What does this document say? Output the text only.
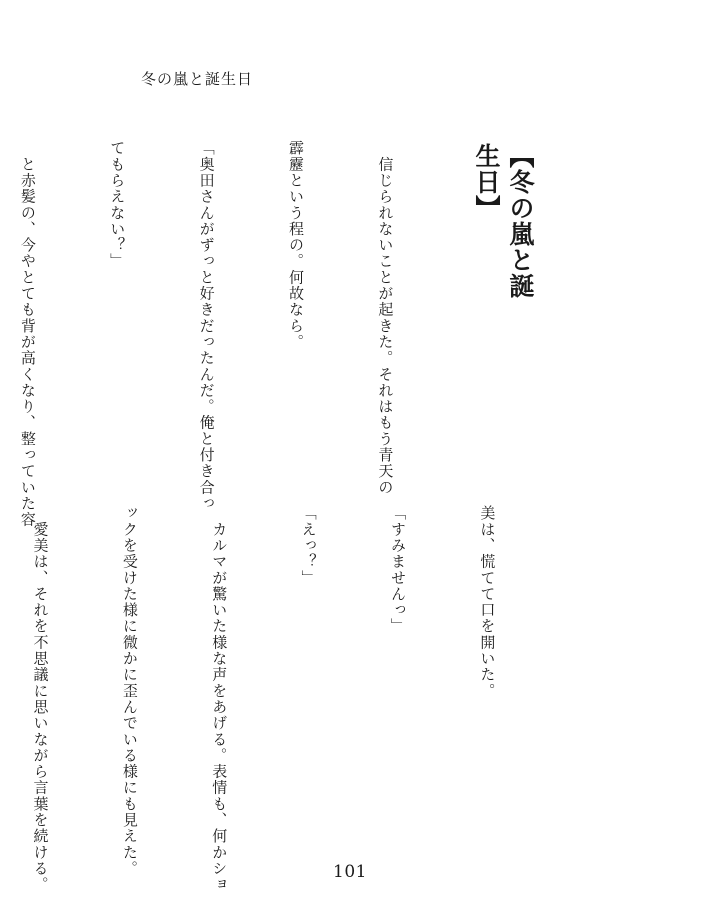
冬の嵐と誕生日
【冬の嵐と誕生日】

　信じられないことが起きた。それはもう青天の

霹靂という程の。何故なら。

「奥田さんがずっと好きだったんだ。俺と付き合っ

てもらえない？」

　と赤髪の、今やとても背が高くなり、整っていた容

美は、慌てて口を開いた。

「すみませんっ」

「えっ？」

　カルマが驚いた様な声をあげる。表情も、何かショ

ックを受けた様に微かに歪んでいる様にも見えた。

　愛美は、それを不思議に思いながら言葉を続ける。

	101
